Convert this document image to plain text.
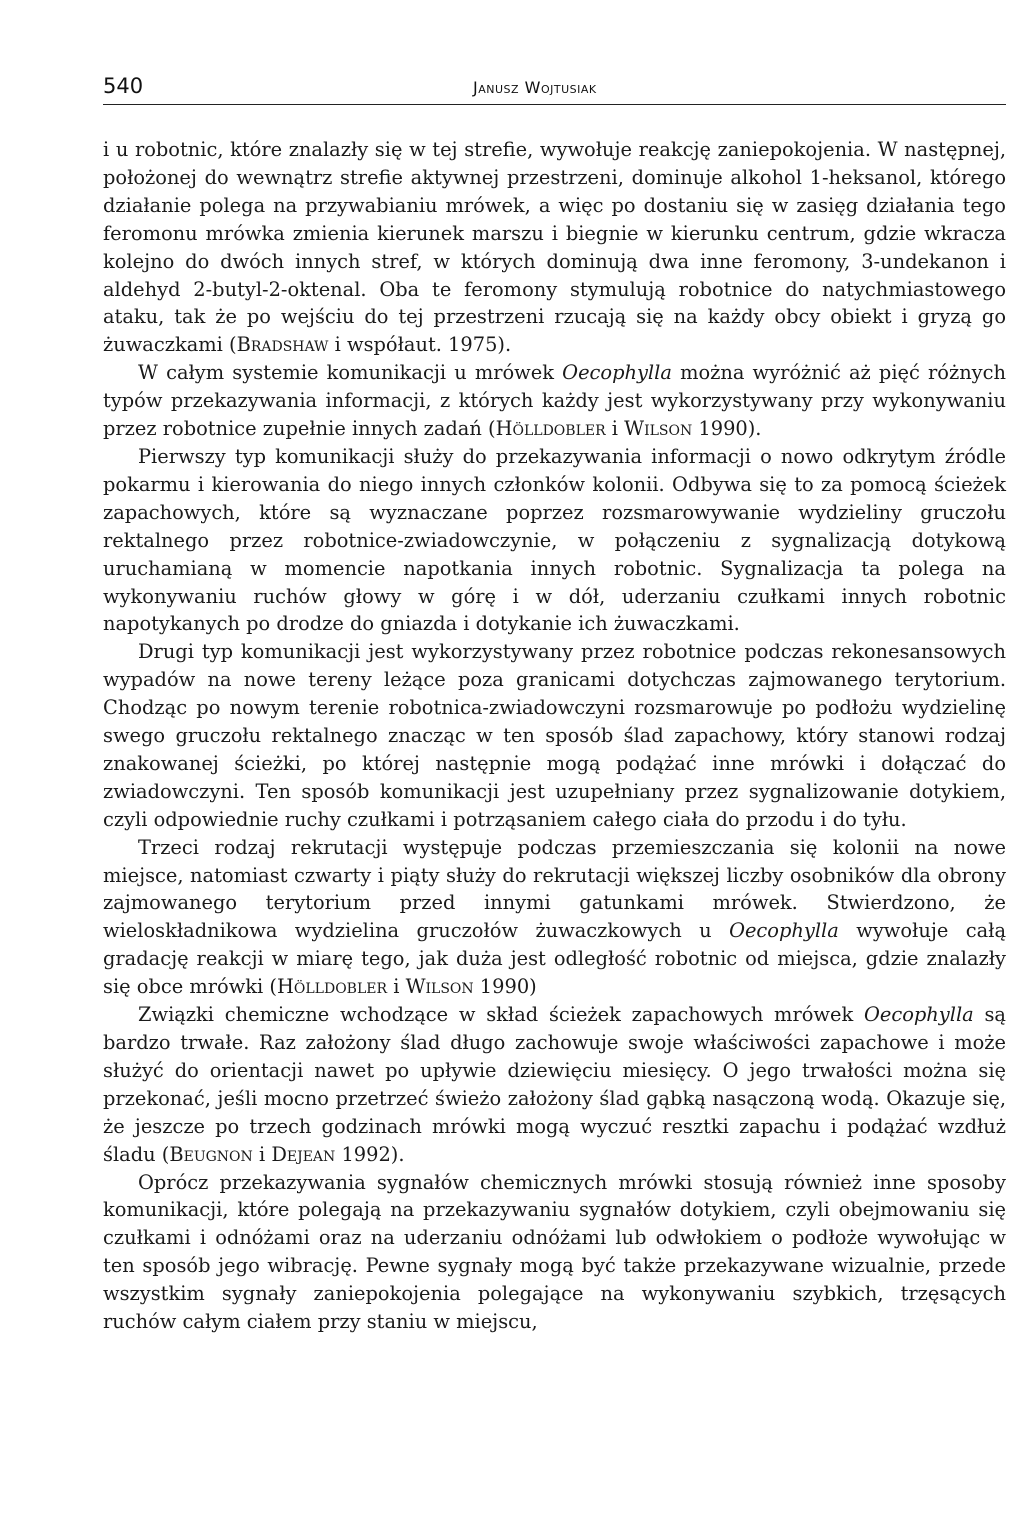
540	Janusz Wojtusiak

i u robotnic, które znalazły się w tej strefie, wywołuje reakcję zaniepokojenia. W następnej, położonej do wewnątrz strefie aktywnej przestrzeni, dominuje alkohol 1-heksanol, którego działanie polega na przywabianiu mrówek, a więc po dostaniu się w zasięg działania tego feromonu mrówka zmienia kierunek marszu i biegnie w kierunku centrum, gdzie wkracza kolejno do dwóch innych stref, w których dominują dwa inne feromony, 3-undekanon i aldehyd 2-butyl-2-oktenal. Oba te feromony stymulują robotnice do natychmiastowego ataku, tak że po wejściu do tej przestrzeni rzucają się na każdy obcy obiekt i gryzą go żuwaczkami (Bradshaw i współaut. 1975).

W całym systemie komunikacji u mrówek Oecophylla można wyróżnić aż pięć różnych typów przekazywania informacji, z których każdy jest wykorzystywany przy wykonywaniu przez robotnice zupełnie innych zadań (Hölldobler i Wilson 1990).

Pierwszy typ komunikacji służy do przekazywania informacji o nowo odkrytym źródle pokarmu i kierowania do niego innych członków kolonii. Odbywa się to za pomocą ścieżek zapachowych, które są wyznaczane poprzez rozsmarowywanie wydzieliny gruczołu rektalnego przez robotnice-zwiadowczynie, w połączeniu z sygnalizacją dotykową uruchamianą w momencie napotkania innych robotnic. Sygnalizacja ta polega na wykonywaniu ruchów głowy w górę i w dół, uderzaniu czułkami innych robotnic napotykanych po drodze do gniazda i dotykanie ich żuwaczkami.

Drugi typ komunikacji jest wykorzystywany przez robotnice podczas rekonesansowych wypadów na nowe tereny leżące poza granicami dotychczas zajmowanego terytorium. Chodząc po nowym terenie robotnica-zwiadowczyni rozsmarowuje po podłożu wydzielinę swego gruczołu rektalnego znacząc w ten sposób ślad zapachowy, który stanowi rodzaj znakowanej ścieżki, po której następnie mogą podążać inne mrówki i dołączać do zwiadowczyni. Ten sposób komunikacji jest uzupełniany przez sygnalizowanie dotykiem, czyli odpowiednie ruchy czułkami i potrząsaniem całego ciała do przodu i do tyłu.

Trzeci rodzaj rekrutacji występuje podczas przemieszczania się kolonii na nowe miejsce, natomiast czwarty i piąty służy do rekrutacji większej liczby osobników dla obrony zajmowanego terytorium przed innymi gatunkami mrówek. Stwierdzono, że wieloskładnikowa wydzielina gruczołów żuwaczkowych u Oecophylla wywołuje całą gradację reakcji w miarę tego, jak duża jest odległość robotnic od miejsca, gdzie znalazły się obce mrówki (Hölldobler i Wilson 1990)

Związki chemiczne wchodzące w skład ścieżek zapachowych mrówek Oecophylla są bardzo trwałe. Raz założony ślad długo zachowuje swoje właściwości zapachowe i może służyć do orientacji nawet po upływie dziewięciu miesięcy. O jego trwałości można się przekonać, jeśli mocno przetrzeć świeżo założony ślad gąbką nasączoną wodą. Okazuje się, że jeszcze po trzech godzinach mrówki mogą wyczuć resztki zapachu i podążać wzdłuż śladu (Beugnon i Dejean 1992).

Oprócz przekazywania sygnałów chemicznych mrówki stosują również inne sposoby komunikacji, które polegają na przekazywaniu sygnałów dotykiem, czyli obejmowaniu się czułkami i odnóżami oraz na uderzaniu odnóżami lub odwłokiem o podłoże wywołując w ten sposób jego wibrację. Pewne sygnały mogą być także przekazywane wizualnie, przede wszystkim sygnały zaniepokojenia polegające na wykonywaniu szybkich, trzęsących ruchów całym ciałem przy staniu w miejscu,
